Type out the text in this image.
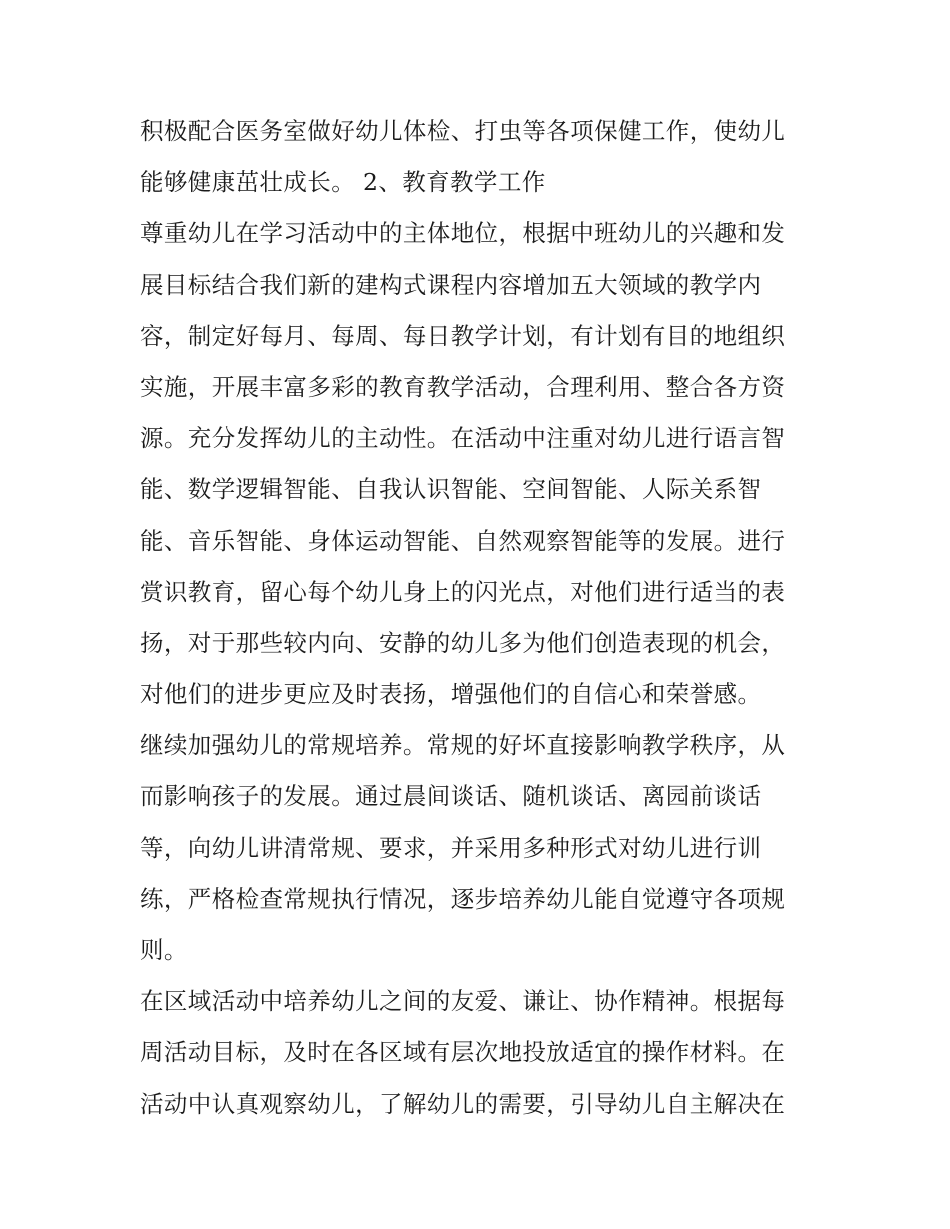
积极配合医务室做好幼儿体检、打虫等各项保健工作，使幼儿
能够健康茁壮成长。 2、教育教学工作
尊重幼儿在学习活动中的主体地位，根据中班幼儿的兴趣和发
展目标结合我们新的建构式课程内容增加五大领域的教学内
容，制定好每月、每周、每日教学计划，有计划有目的地组织
实施，开展丰富多彩的教育教学活动，合理利用、整合各方资
源。充分发挥幼儿的主动性。在活动中注重对幼儿进行语言智
能、数学逻辑智能、自我认识智能、空间智能、人际关系智
能、音乐智能、身体运动智能、自然观察智能等的发展。进行
赏识教育，留心每个幼儿身上的闪光点，对他们进行适当的表
扬，对于那些较内向、安静的幼儿多为他们创造表现的机会，
对他们的进步更应及时表扬，增强他们的自信心和荣誉感。
继续加强幼儿的常规培养。常规的好坏直接影响教学秩序，从
而影响孩子的发展。通过晨间谈话、随机谈话、离园前谈话
等，向幼儿讲清常规、要求，并采用多种形式对幼儿进行训
练，严格检查常规执行情况，逐步培养幼儿能自觉遵守各项规
则。
在区域活动中培养幼儿之间的友爱、谦让、协作精神。根据每
周活动目标，及时在各区域有层次地投放适宜的操作材料。在
活动中认真观察幼儿，了解幼儿的需要，引导幼儿自主解决在
